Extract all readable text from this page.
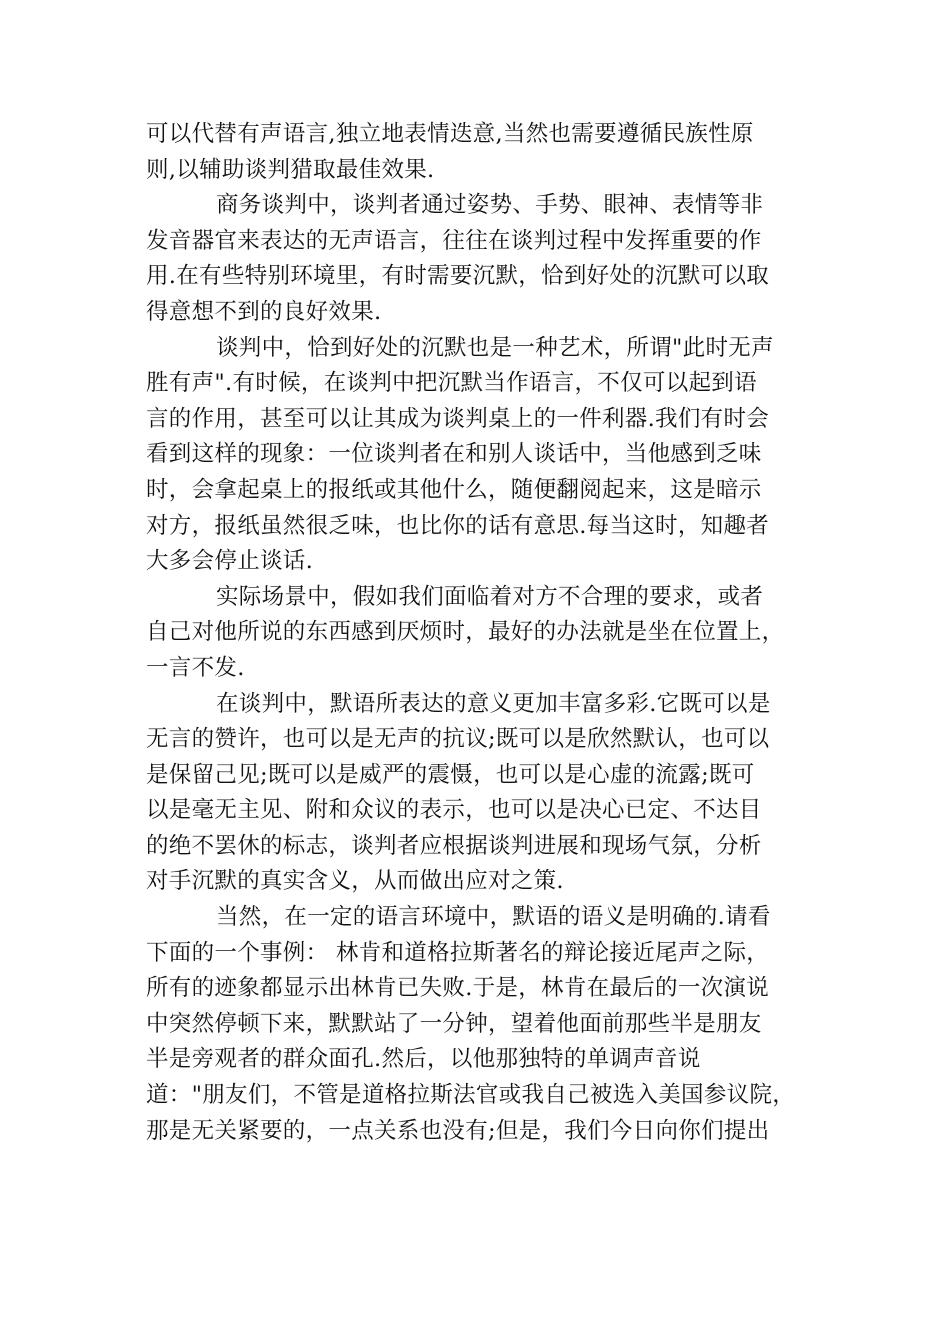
可以代替有声语言,独立地表情迭意,当然也需要遵循民族性原
则,以辅助谈判猎取最佳效果.
商务谈判中，谈判者通过姿势、手势、眼神、表情等非
发音器官来表达的无声语言，往往在谈判过程中发挥重要的作
用.在有些特别环境里，有时需要沉默，恰到好处的沉默可以取
得意想不到的良好效果.
谈判中，恰到好处的沉默也是一种艺术，所谓"此时无声
胜有声".有时候，在谈判中把沉默当作语言，不仅可以起到语
言的作用，甚至可以让其成为谈判桌上的一件利器.我们有时会
看到这样的现象：一位谈判者在和别人谈话中，当他感到乏味
时，会拿起桌上的报纸或其他什么，随便翻阅起来，这是暗示
对方，报纸虽然很乏味，也比你的话有意思.每当这时，知趣者
大多会停止谈话.
实际场景中，假如我们面临着对方不合理的要求，或者
自己对他所说的东西感到厌烦时，最好的办法就是坐在位置上，
一言不发.
在谈判中，默语所表达的意义更加丰富多彩.它既可以是
无言的赞许，也可以是无声的抗议;既可以是欣然默认，也可以
是保留己见;既可以是威严的震慑，也可以是心虚的流露;既可
以是毫无主见、附和众议的表示，也可以是决心已定、不达目
的绝不罢休的标志，谈判者应根据谈判进展和现场气氛，分析
对手沉默的真实含义，从而做出应对之策.
当然，在一定的语言环境中，默语的语义是明确的.请看
下面的一个事例： 林肯和道格拉斯著名的辩论接近尾声之际，
所有的迹象都显示出林肯已失败.于是，林肯在最后的一次演说
中突然停顿下来，默默站了一分钟，望着他面前那些半是朋友
半是旁观者的群众面孔.然后，以他那独特的单调声音说
道："朋友们，不管是道格拉斯法官或我自己被选入美国参议院，
那是无关紧要的，一点关系也没有;但是，我们今日向你们提出
